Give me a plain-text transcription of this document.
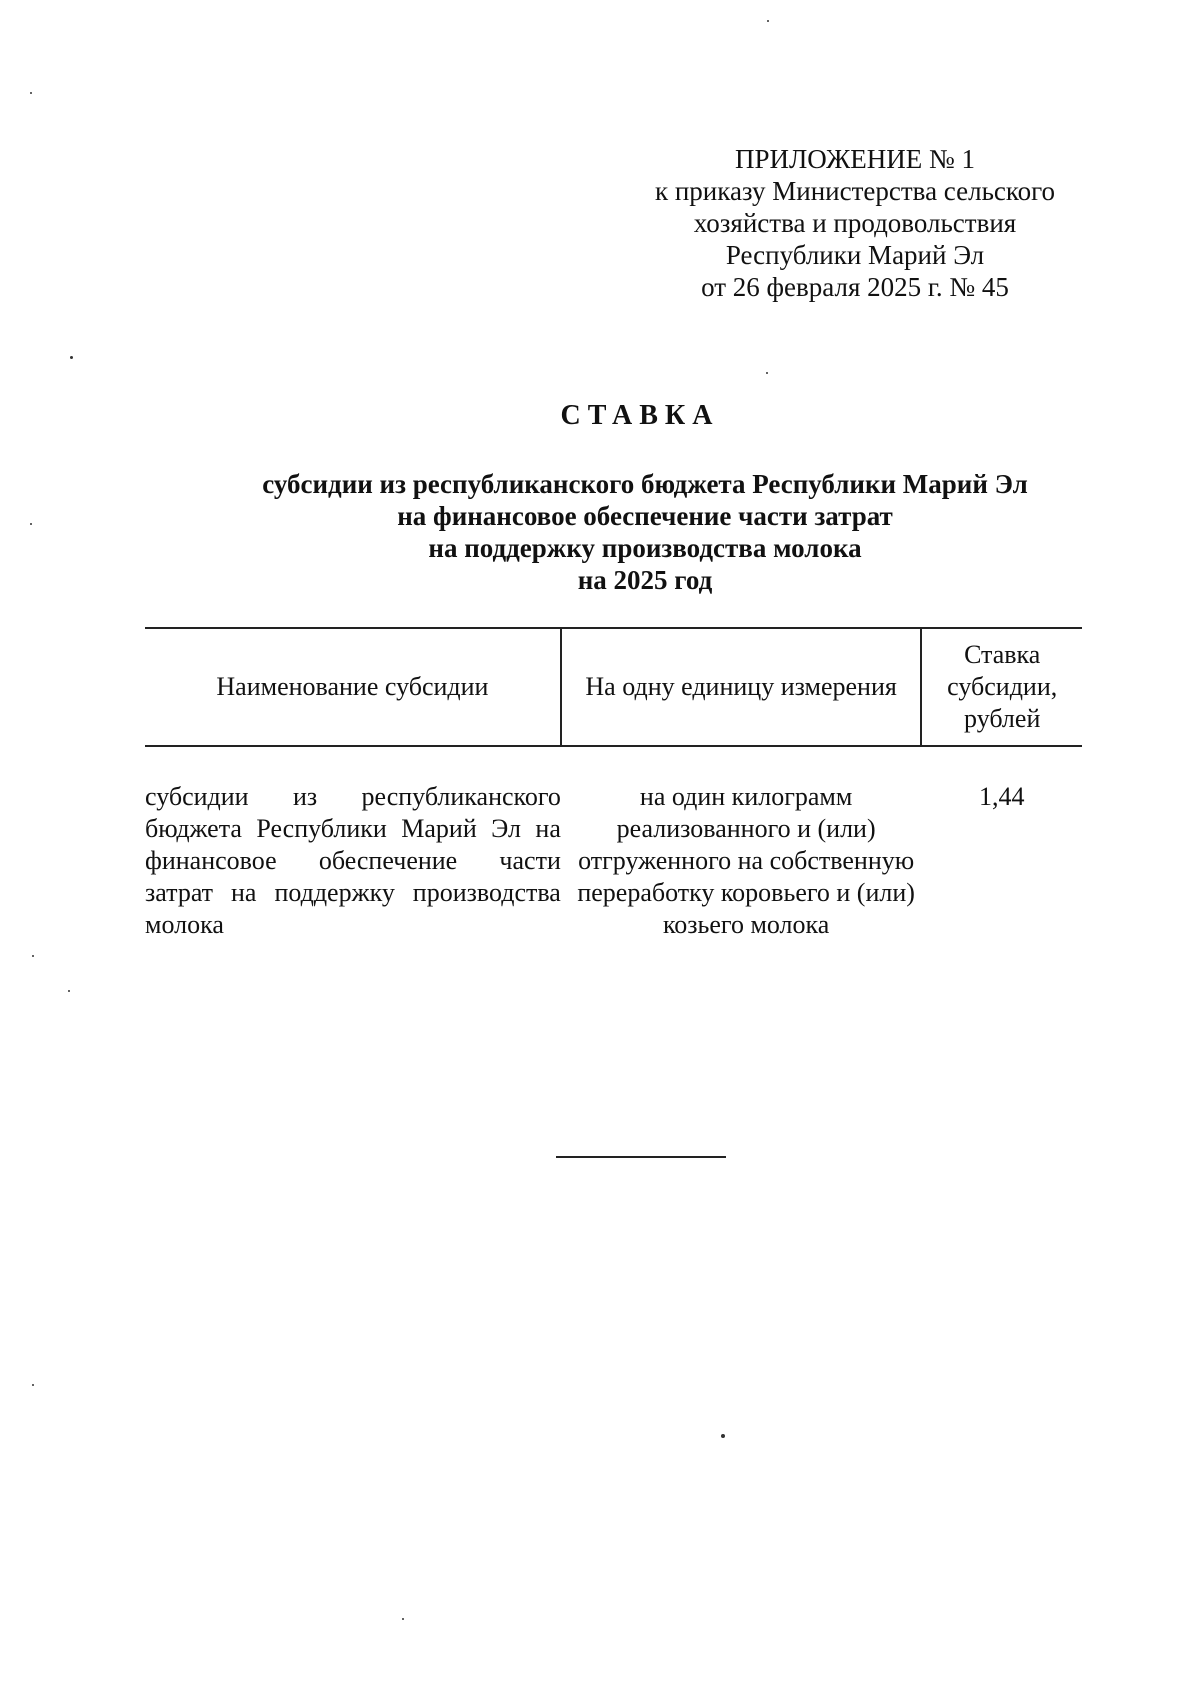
ПРИЛОЖЕНИЕ № 1
к приказу Министерства сельского
хозяйства и продовольствия
Республики Марий Эл
от 26 февраля 2025 г. № 45
СТАВКА
субсидии из республиканского бюджета Республики Марий Эл
на финансовое обеспечение части затрат
на поддержку производства молока
на 2025 год
Наименование субсидии	На одну единицу измерения	Ставка субсидии, рублей
субсидии из республиканского бюджета Республики Марий Эл на финансовое обеспечение части затрат на поддержку производства молока	на один килограмм реализованного и (или) отгруженного на собственную переработку коровьего и (или) козьего молока	1,44
